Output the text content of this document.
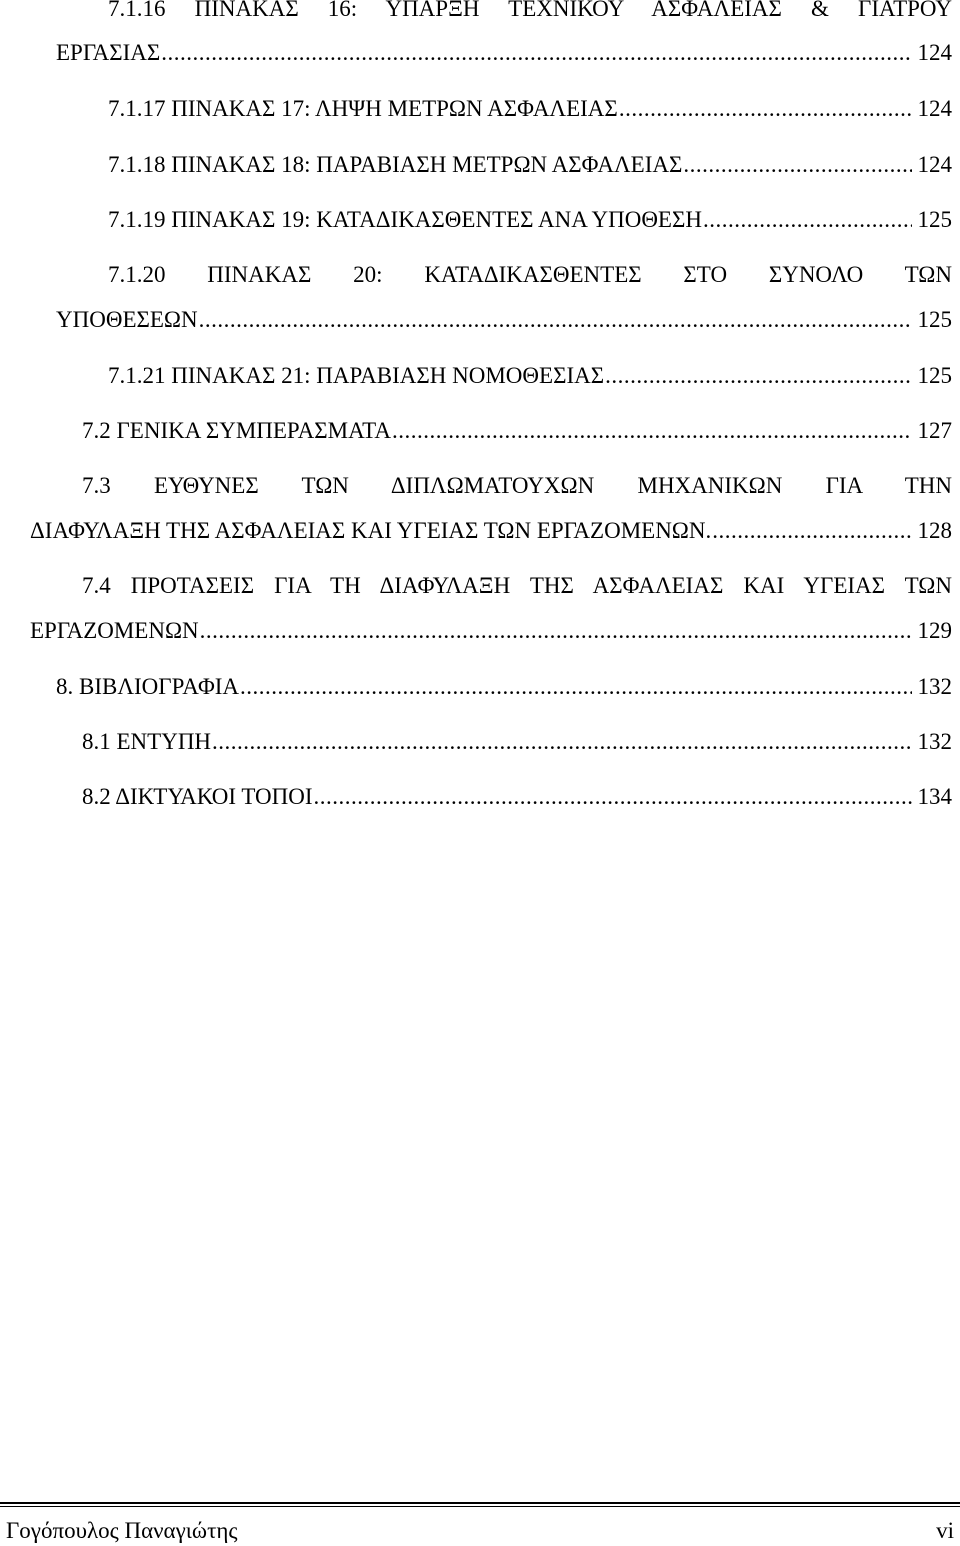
7.1.16 ΠΙΝΑΚΑΣ 16: ΥΠΑΡΞΗ ΤΕΧΝΙΚΟΥ ΑΣΦΑΛΕΙΑΣ & ΓΙΑΤΡΟΥ
ΕΡΓΑΣΙΑΣ .....	124
7.1.17 ΠΙΝΑΚΑΣ 17: ΛΗΨΗ ΜΕΤΡΩΝ ΑΣΦΑΛΕΙΑΣ .....	124
7.1.18 ΠΙΝΑΚΑΣ 18: ΠΑΡΑΒΙΑΣΗ ΜΕΤΡΩΝ ΑΣΦΑΛΕΙΑΣ .....	124
7.1.19 ΠΙΝΑΚΑΣ 19: ΚΑΤΑΔΙΚΑΣΘΕΝΤΕΣ ΑΝΑ ΥΠΟΘΕΣΗ .....	125
7.1.20 ΠΙΝΑΚΑΣ 20: ΚΑΤΑΔΙΚΑΣΘΕΝΤΕΣ ΣΤΟ ΣΥΝΟΛΟ ΤΩΝ
ΥΠΟΘΕΣΕΩΝ .....	125
7.1.21 ΠΙΝΑΚΑΣ 21: ΠΑΡΑΒΙΑΣΗ ΝΟΜΟΘΕΣΙΑΣ .....	125
7.2 ΓΕΝΙΚΑ ΣΥΜΠΕΡΑΣΜΑΤΑ .....	127
7.3 ΕΥΘΥΝΕΣ ΤΩΝ ΔΙΠΛΩΜΑΤΟΥΧΩΝ ΜΗΧΑΝΙΚΩΝ ΓΙΑ ΤΗΝ
ΔΙΑΦΥΛΑΞΗ ΤΗΣ ΑΣΦΑΛΕΙΑΣ ΚΑΙ ΥΓΕΙΑΣ ΤΩΝ ΕΡΓΑΖΟΜΕΝΩΝ. .....	128
7.4 ΠΡΟΤΑΣΕΙΣ ΓΙΑ ΤΗ ΔΙΑΦΥΛΑΞΗ ΤΗΣ ΑΣΦΑΛΕΙΑΣ ΚΑΙ ΥΓΕΙΑΣ ΤΩΝ
ΕΡΓΑΖΟΜΕΝΩΝ .....	129
8. ΒΙΒΛΙΟΓΡΑΦΙΑ .....	132
8.1 ΕΝΤΥΠΗ .....	132
8.2 ΔΙΚΤΥΑΚΟΙ ΤΟΠΟΙ .....	134
Γογόπουλος Παναγιώτης	vi
